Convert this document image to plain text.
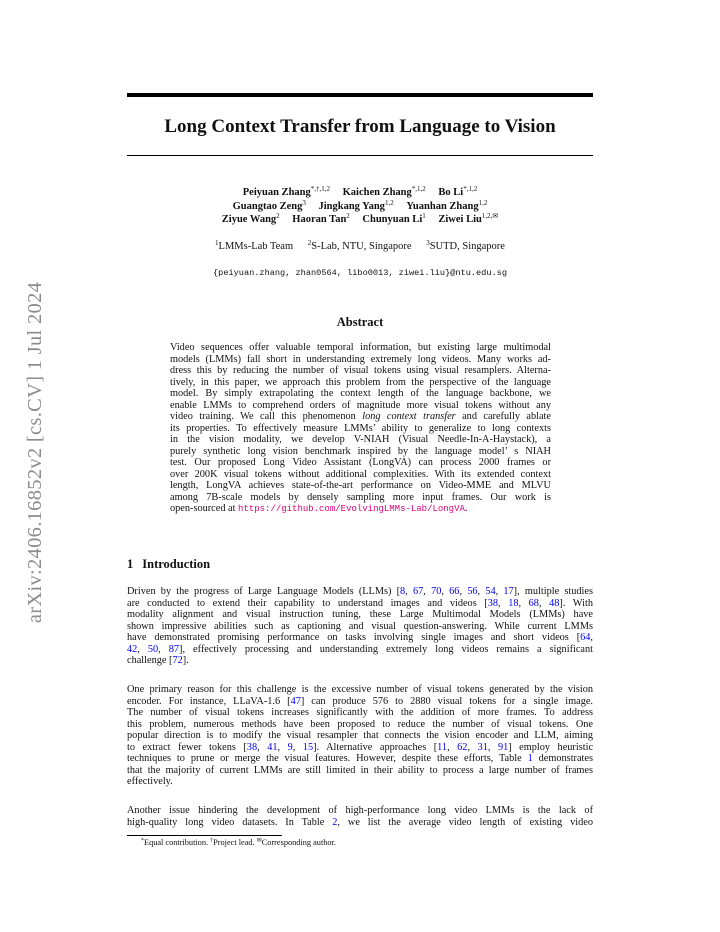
arXiv:2406.16852v2 [cs.CV] 1 Jul 2024
Long Context Transfer from Language to Vision
Peiyuan Zhang$^{*,\dagger,1,2}$ Kaichen Zhang$^{*,1,2}$ Bo $Li^{*,1,2}$
Guangtao Zeng$^3$ Jingkang Yang$^{1,2}$ Yuanhan Zhang$^{1,2}$
Ziyue Wang$^2$ Haoran Tan$^2$ Chunyuan Li$^1$ Ziwei Liu$^{1,2,✉}$
$^1$LMMs-Lab Team $^2$S-Lab, NTU, Singapore $^3$SUTD, Singapore
{peiyuan.zhang, zhan0564, libo0013, ziwei.liu}@ntu.edu.sg
Abstract
Video sequences offer valuable temporal information, but existing large multimodal
models (LMMs) fall short in understanding extremely long videos. Many works ad-
dress this by reducing the number of visual tokens using visual resamplers. Alterna-
tively, in this paper, we approach this problem from the perspective of the language
model. By simply extrapolating the context length of the language backbone, we
enable LMMs to comprehend orders of magnitude more visual tokens without any
video training. We call this phenomenon long context transfer and carefully ablate
its properties. To effectively measure LMMs’ ability to generalize to long contexts
in the vision modality, we develop V-NIAH (Visual Needle-In-A-Haystack), a
purely synthetic long vision benchmark inspired by the language model’ s NIAH
test. Our proposed Long Video Assistant (LongVA) can process 2000 frames or
over 200K visual tokens without additional complexities. With its extended context
length, LongVA achieves state-of-the-art performance on Video-MME and MLVU
among 7B-scale models by densely sampling more input frames. Our work is
open-sourced at https://github.com/EvolvingLMMs-Lab/LongVA.
1 Introduction
Driven by the progress of Large Language Models (LLMs) [8, 67, 70, 66, 56, 54, 17], multiple studies
are conducted to extend their capability to understand images and videos [38, 18, 68, 48]. With
modality alignment and visual instruction tuning, these Large Multimodal Models (LMMs) have
shown impressive abilities such as captioning and visual question-answering. While current LMMs
have demonstrated promising performance on tasks involving single images and short videos [64,
42, 50, 87], effectively processing and understanding extremely long videos remains a significant
challenge [72].
One primary reason for this challenge is the excessive number of visual tokens generated by the vision
encoder. For instance, LLaVA-1.6 [47] can produce 576 to 2880 visual tokens for a single image.
The number of visual tokens increases significantly with the addition of more frames. To address
this problem, numerous methods have been proposed to reduce the number of visual tokens. One
popular direction is to modify the visual resampler that connects the vision encoder and LLM, aiming
to extract fewer tokens [38, 41, 9, 15]. Alternative approaches [11, 62, 31, 91] employ heuristic
techniques to prune or merge the visual features. However, despite these efforts, Table 1 demonstrates
that the majority of current LMMs are still limited in their ability to process a large number of frames
effectively.
Another issue hindering the development of high-performance long video LMMs is the lack of
high-quality long video datasets. In Table 2, we list the average video length of existing video
*Equal contribution. †Project lead. ✉Corresponding author.
